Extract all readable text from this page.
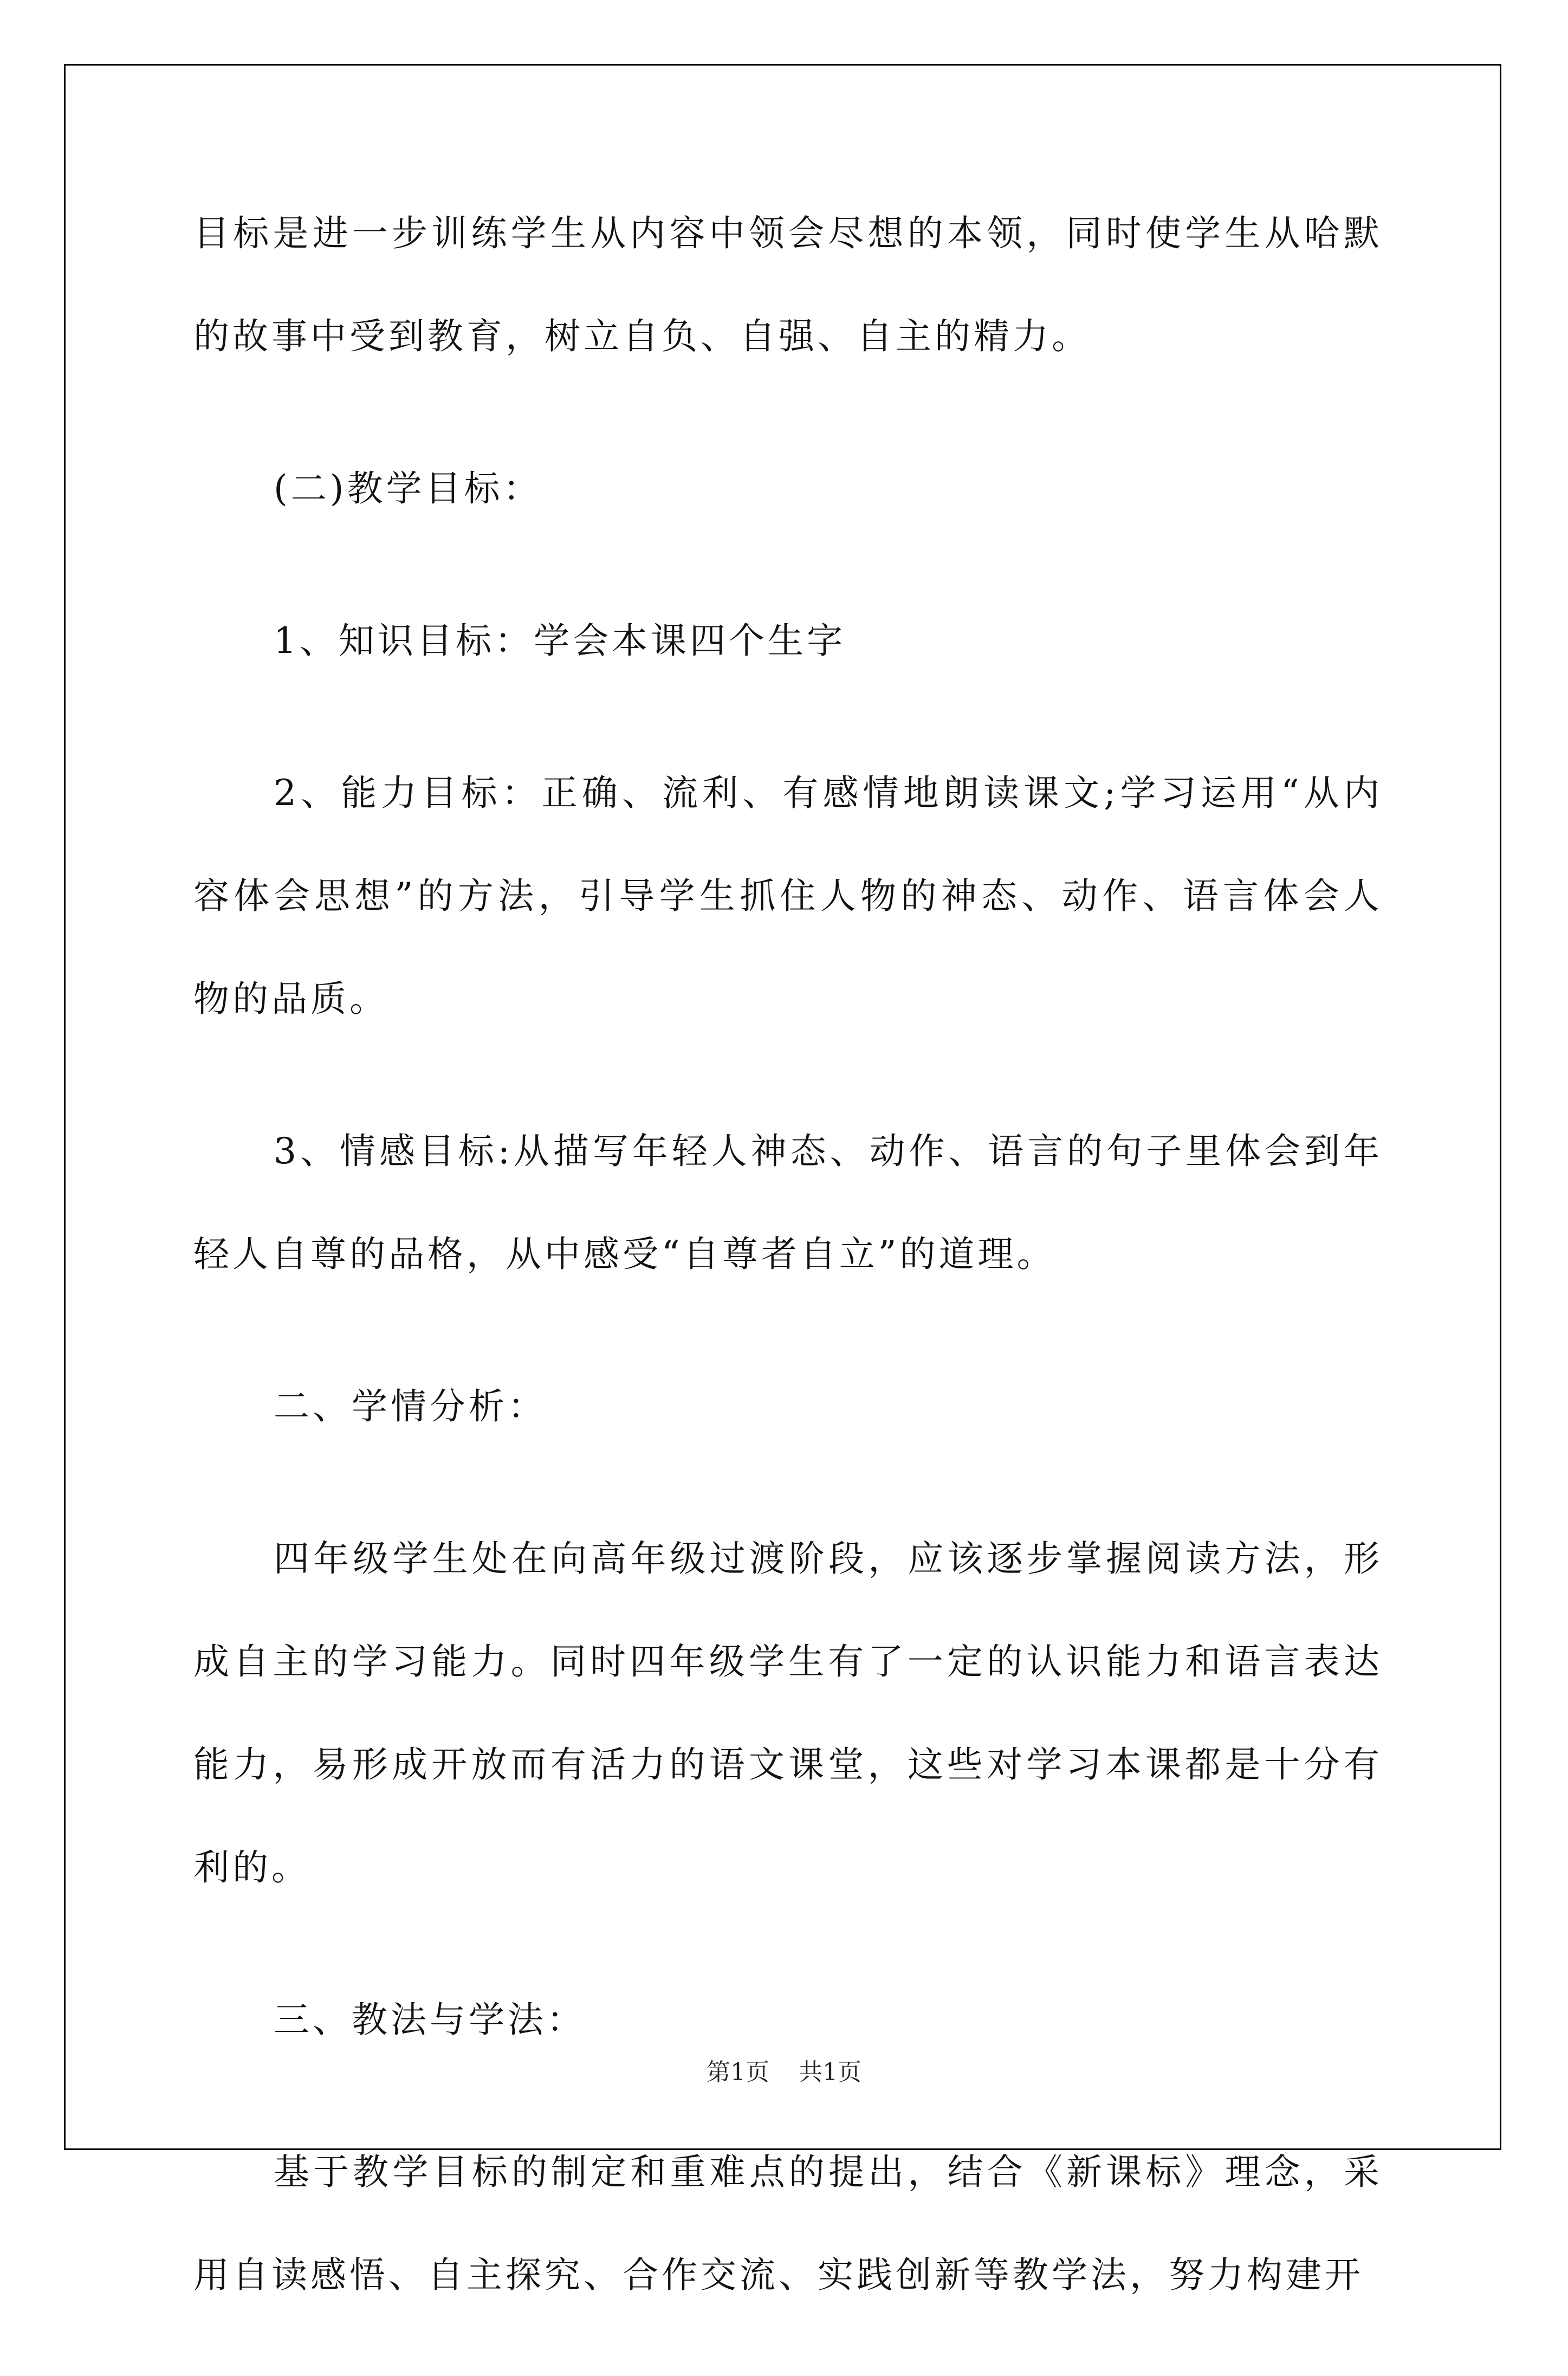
目标是进一步训练学生从内容中领会尽想的本领，同时使学生从哈默的故事中受到教育，树立自负、自强、自主的精力。

(二)教学目标：

1、知识目标：学会本课四个生字

2、能力目标：正确、流利、有感情地朗读课文;学习运用“从内容体会思想”的方法，引导学生抓住人物的神态、动作、语言体会人物的品质。

3、情感目标:从描写年轻人神态、动作、语言的句子里体会到年轻人自尊的品格，从中感受“自尊者自立”的道理。

二、学情分析：

四年级学生处在向高年级过渡阶段，应该逐步掌握阅读方法，形成自主的学习能力。同时四年级学生有了一定的认识能力和语言表达能力，易形成开放而有活力的语文课堂，这些对学习本课都是十分有利的。

三、教法与学法：

基于教学目标的制定和重难点的提出，结合《新课标》理念，采用自读感悟、自主探究、合作交流、实践创新等教学法，努力构建开

第1页 共1页
